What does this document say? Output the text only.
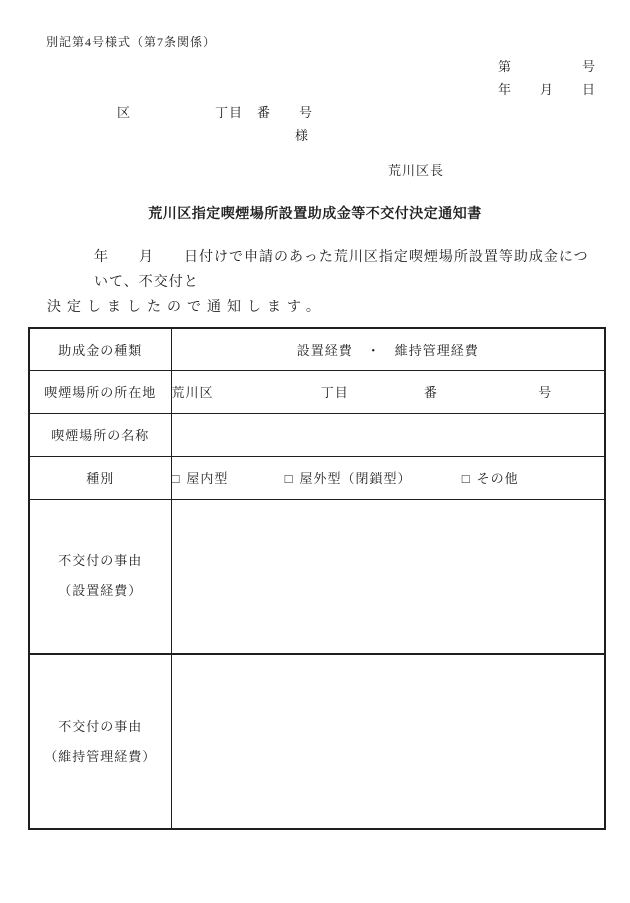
別記第4号様式（第7条関係）
第　　　　　号
年　　月　　日
区　　　　　　丁目　番　　号
様
荒川区長
荒川区指定喫煙場所設置助成金等不交付決定通知書
年　　月　　日付けで申請のあった荒川区指定喫煙場所設置等助成金について、不交付と
決定しましたので通知します。
助成金の種類	設置経費　・　維持管理経費
喫煙場所の所在地	荒川区 丁目 番 号
喫煙場所の名称	
種別	□ 屋内型 □ 屋外型（閉鎖型） □ その他

不交付の事由
（設置経費）	

不交付の事由
（維持管理経費）	
